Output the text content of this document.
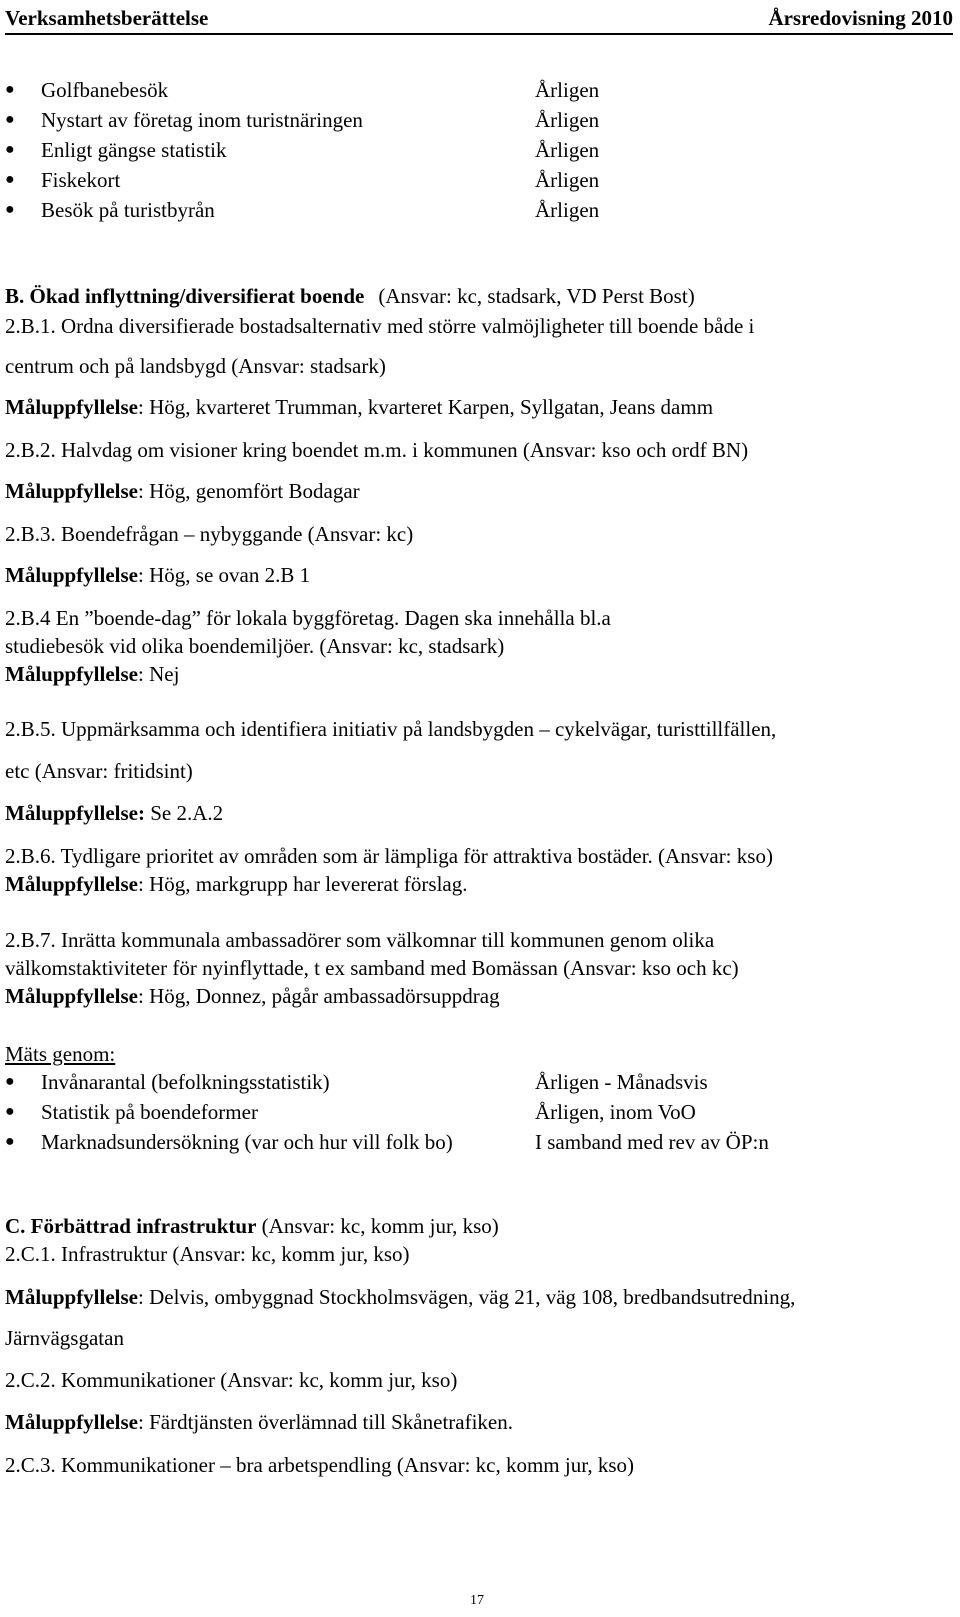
Verksamhetsberättelse	Årsredovisning 2010
●	Golfbanebesök	Årligen
●	Nystart av företag inom turistnäringen	Årligen
●	Enligt gängse statistik	Årligen
●	Fiskekort	Årligen
●	Besök på turistbyrån	Årligen
B. Ökad inflyttning/diversifierat boende (Ansvar: kc, stadsark, VD Perst Bost)
2.B.1. Ordna diversifierade bostadsalternativ med större valmöjligheter till boende både i
centrum och på landsbygd (Ansvar: stadsark)
Måluppfyllelse: Hög, kvarteret Trumman, kvarteret Karpen, Syllgatan, Jeans damm
2.B.2. Halvdag om visioner kring boendet m.m. i kommunen (Ansvar: kso och ordf BN)
Måluppfyllelse: Hög, genomfört Bodagar
2.B.3. Boendefrågan – nybyggande (Ansvar: kc)
Måluppfyllelse: Hög, se ovan 2.B 1
2.B.4 En ”boende-dag” för lokala byggföretag. Dagen ska innehålla bl.a
studiebesök vid olika boendemiljöer. (Ansvar: kc, stadsark)
Måluppfyllelse: Nej
2.B.5. Uppmärksamma och identifiera initiativ på landsbygden – cykelvägar, turisttillfällen,
etc (Ansvar: fritidsint)
Måluppfyllelse: Se 2.A.2
2.B.6. Tydligare prioritet av områden som är lämpliga för attraktiva bostäder. (Ansvar: kso)
Måluppfyllelse: Hög, markgrupp har levererat förslag.
2.B.7. Inrätta kommunala ambassadörer som välkomnar till kommunen genom olika
välkomstaktiviteter för nyinflyttade, t ex samband med Bomässan (Ansvar: kso och kc)
Måluppfyllelse: Hög, Donnez, pågår ambassadörsuppdrag
Mäts genom:
●	Invånarantal (befolkningsstatistik)	Årligen - Månadsvis
●	Statistik på boendeformer	Årligen, inom VoO
●	Marknadsundersökning (var och hur vill folk bo)	I samband med rev av ÖP:n
C. Förbättrad infrastruktur (Ansvar: kc, komm jur, kso)
2.C.1. Infrastruktur (Ansvar: kc, komm jur, kso)
Måluppfyllelse: Delvis, ombyggnad Stockholmsvägen, väg 21, väg 108, bredbandsutredning,
Järnvägsgatan
2.C.2. Kommunikationer (Ansvar: kc, komm jur, kso)
Måluppfyllelse: Färdtjänsten överlämnad till Skånetrafiken.
2.C.3. Kommunikationer – bra arbetspendling (Ansvar: kc, komm jur, kso)
17
